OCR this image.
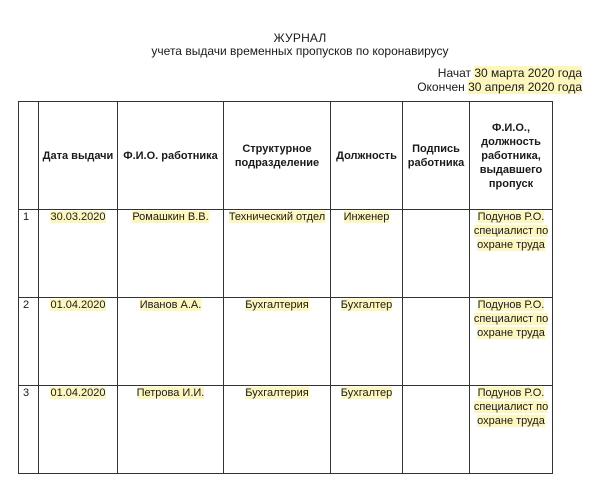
ЖУРНАЛ
учета выдачи временных пропусков по коронавирусу
Начат 30 марта 2020 года
Окончен 30 апреля 2020 года
	Дата выдачи	Ф.И.О. работника	Структурное подразделение	Должность	Подпись работника	Ф.И.О., должность работника, выдавшего пропуск
1	30.03.2020	Ромашкин В.В.	Технический отдел	Инженер		Подунов Р.О. специалист по охране труда
2	01.04.2020	Иванов А.А.	Бухгалтерия	Бухгалтер		Подунов Р.О. специалист по охране труда
3	01.04.2020	Петрова И.И.	Бухгалтерия	Бухгалтер		Подунов Р.О. специалист по охране труда
